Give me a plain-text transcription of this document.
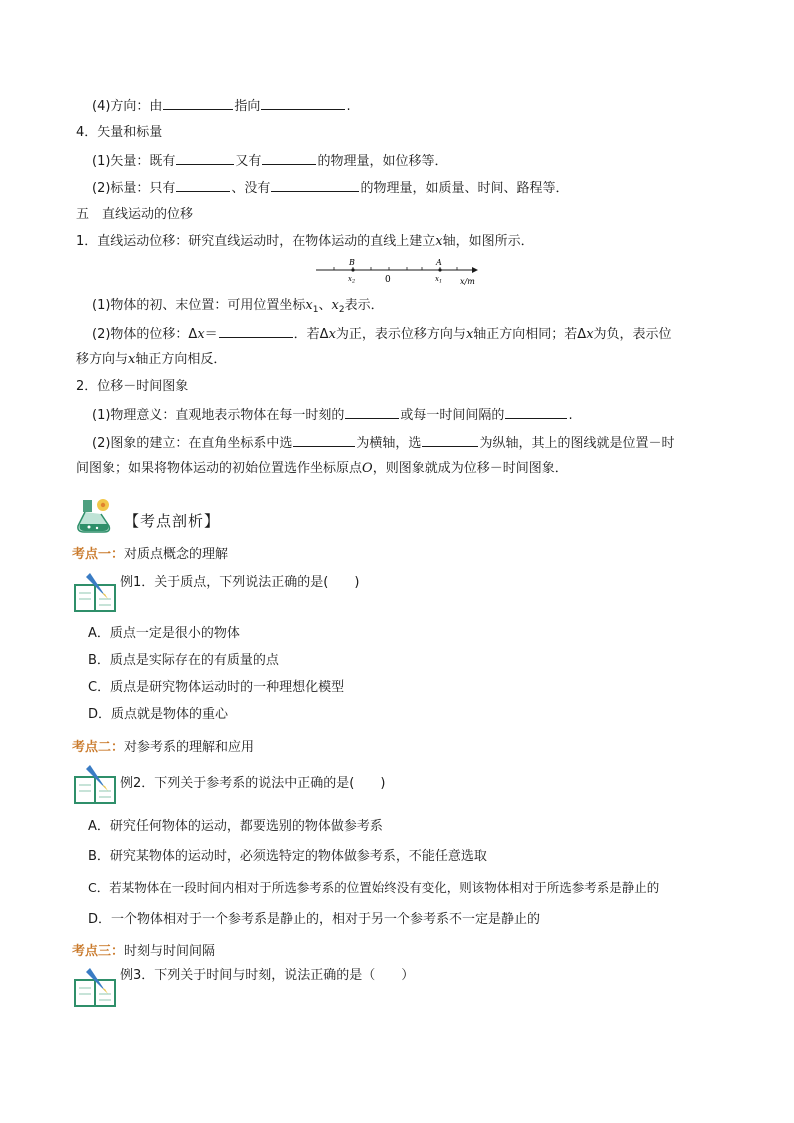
(4)方向：由	指向	.
4．矢量和标量
(1)矢量：既有	又有	的物理量，如位移等．
(2)标量：只有	、没有	的物理量，如质量、时间、路程等．
五　直线运动的位移
1．直线运动位移：研究直线运动时，在物体运动的直线上建立x轴，如图所示．
B	A
$x_2$	0	$x_1$ x/m
(1)物体的初、末位置：可用位置坐标$x_1$、$x_2$表示．
(2)物体的位移：Δx＝	．若Δx为正，表示位移方向与x轴正方向相同；若Δx为负，表示位
移方向与x轴正方向相反．
2．位移－时间图象
(1)物理意义：直观地表示物体在每一时刻的	或每一时间间隔的	.
(2)图象的建立：在直角坐标系中选	为横轴，选	为纵轴，其上的图线就是位置－时
间图象；如果将物体运动的初始位置选作坐标原点O，则图象就成为位移－时间图象．
【考点剖析】
考点一：对质点概念的理解
例1．关于质点，下列说法正确的是(　　)
A．质点一定是很小的物体
B．质点是实际存在的有质量的点
C．质点是研究物体运动时的一种理想化模型
D．质点就是物体的重心
考点二：对参考系的理解和应用
例2．下列关于参考系的说法中正确的是(　　)
A．研究任何物体的运动，都要选别的物体做参考系
B．研究某物体的运动时，必须选特定的物体做参考系，不能任意选取
C．若某物体在一段时间内相对于所选参考系的位置始终没有变化，则该物体相对于所选参考系是静止的
D．一个物体相对于一个参考系是静止的，相对于另一个参考系不一定是静止的
考点三：时刻与时间间隔
例3．下列关于时间与时刻，说法正确的是（　　）
